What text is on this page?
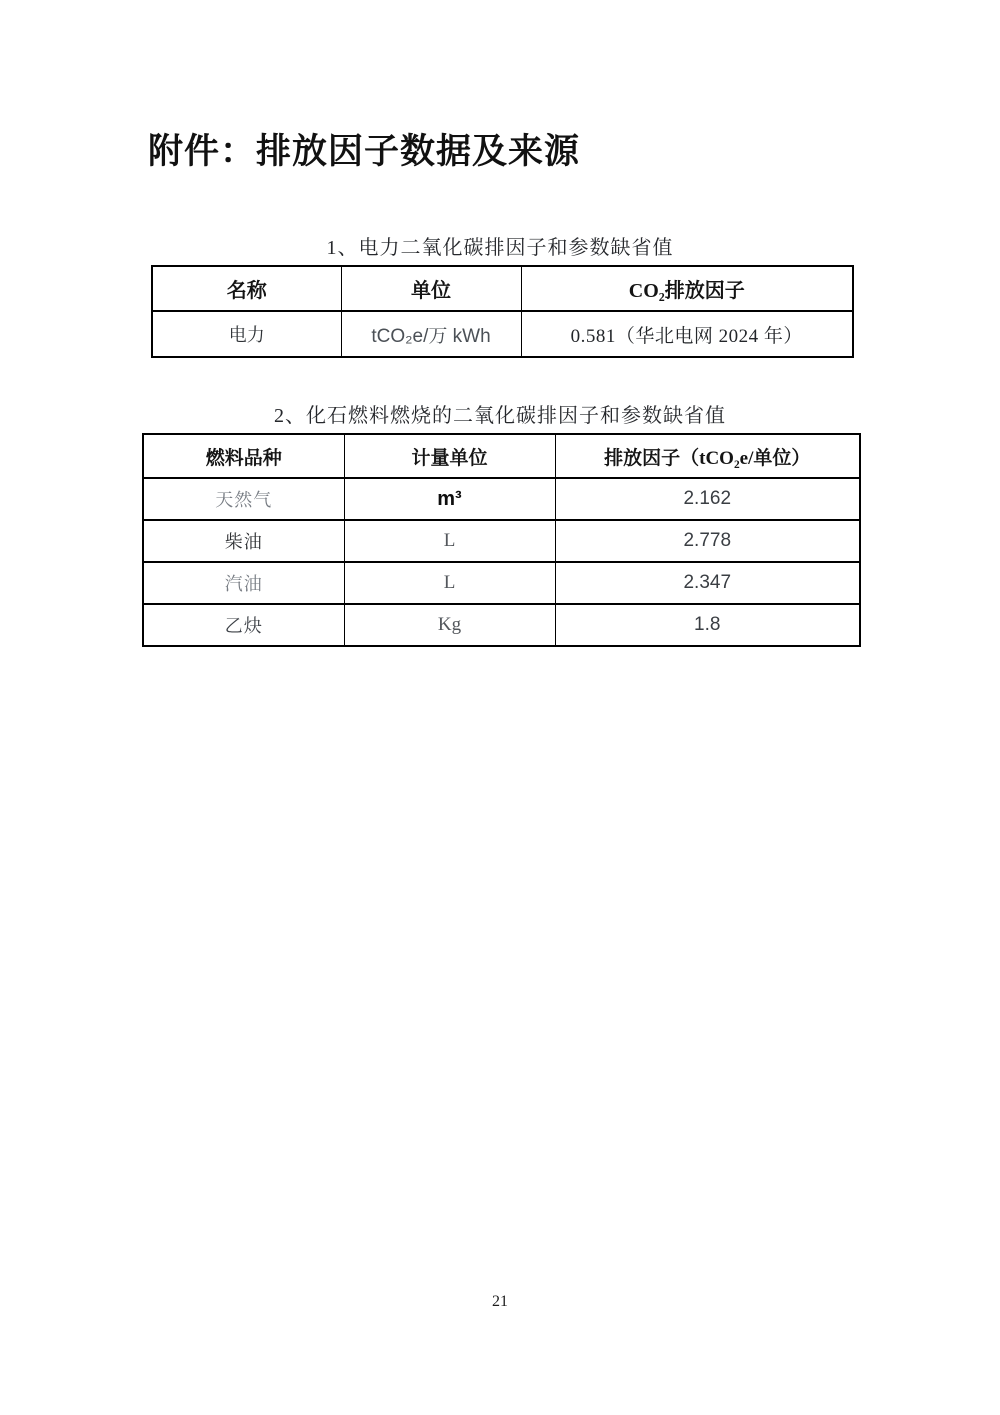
附件：排放因子数据及来源
1、电力二氧化碳排因子和参数缺省值
名称	单位	CO₂排放因子
电力	tCO₂e/万 kWh	0.581（华北电网 2024 年）
2、化石燃料燃烧的二氧化碳排因子和参数缺省值
燃料品种	计量单位	排放因子（tCO₂e/单位）
天然气	m³	2.162
柴油	L	2.778
汽油	L	2.347
乙炔	Kg	1.8
21
